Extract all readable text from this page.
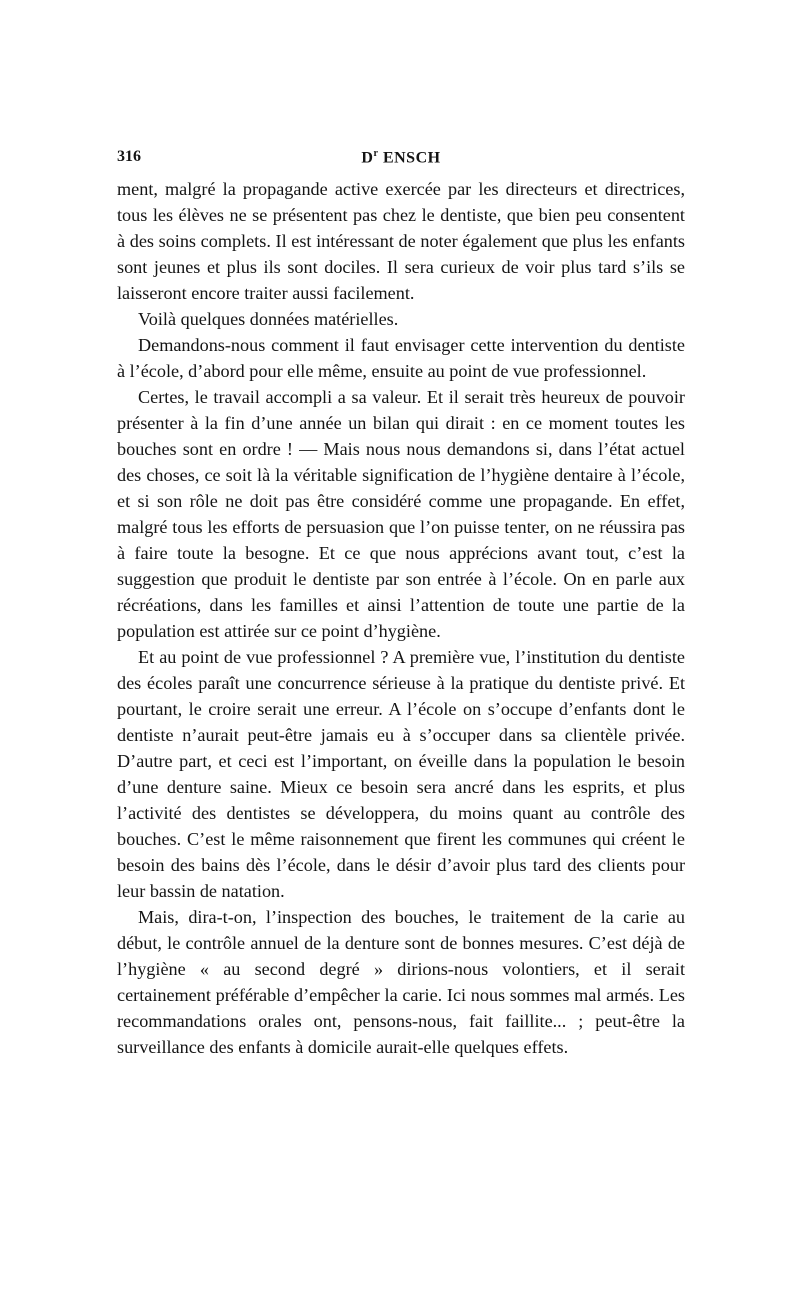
316	$D^r$ ENSCH

ment, malgré la propagande active exercée par les directeurs et directrices, tous les élèves ne se présentent pas chez le dentiste, que bien peu consentent à des soins complets. Il est intéressant de noter également que plus les enfants sont jeunes et plus ils sont dociles. Il sera curieux de voir plus tard s’ils se laisseront encore traiter aussi facilement.

Voilà quelques données matérielles.

Demandons-nous comment il faut envisager cette intervention du dentiste à l’école, d’abord pour elle même, ensuite au point de vue professionnel.

Certes, le travail accompli a sa valeur. Et il serait très heureux de pouvoir présenter à la fin d’une année un bilan qui dirait : en ce moment toutes les bouches sont en ordre ! — Mais nous nous demandons si, dans l’état actuel des choses, ce soit là la véritable signification de l’hygiène dentaire à l’école, et si son rôle ne doit pas être considéré comme une propagande. En effet, malgré tous les efforts de persuasion que l’on puisse tenter, on ne réussira pas à faire toute la besogne. Et ce que nous apprécions avant tout, c’est la suggestion que produit le dentiste par son entrée à l’école. On en parle aux récréations, dans les familles et ainsi l’attention de toute une partie de la population est attirée sur ce point d’hygiène.

Et au point de vue professionnel ? A première vue, l’institution du dentiste des écoles paraît une concurrence sérieuse à la pratique du dentiste privé. Et pourtant, le croire serait une erreur. A l’école on s’occupe d’enfants dont le dentiste n’aurait peut-être jamais eu à s’occuper dans sa clientèle privée. D’autre part, et ceci est l’important, on éveille dans la population le besoin d’une denture saine. Mieux ce besoin sera ancré dans les esprits, et plus l’activité des dentistes se développera, du moins quant au contrôle des bouches. C’est le même raisonnement que firent les communes qui créent le besoin des bains dès l’école, dans le désir d’avoir plus tard des clients pour leur bassin de natation.

Mais, dira-t-on, l’inspection des bouches, le traitement de la carie au début, le contrôle annuel de la denture sont de bonnes mesures. C’est déjà de l’hygiène « au second degré » dirions-nous volontiers, et il serait certainement préférable d’empêcher la carie. Ici nous sommes mal armés. Les recommandations orales ont, pensons-nous, fait faillite... ; peut-être la surveillance des enfants à domicile aurait-elle quelques effets.
